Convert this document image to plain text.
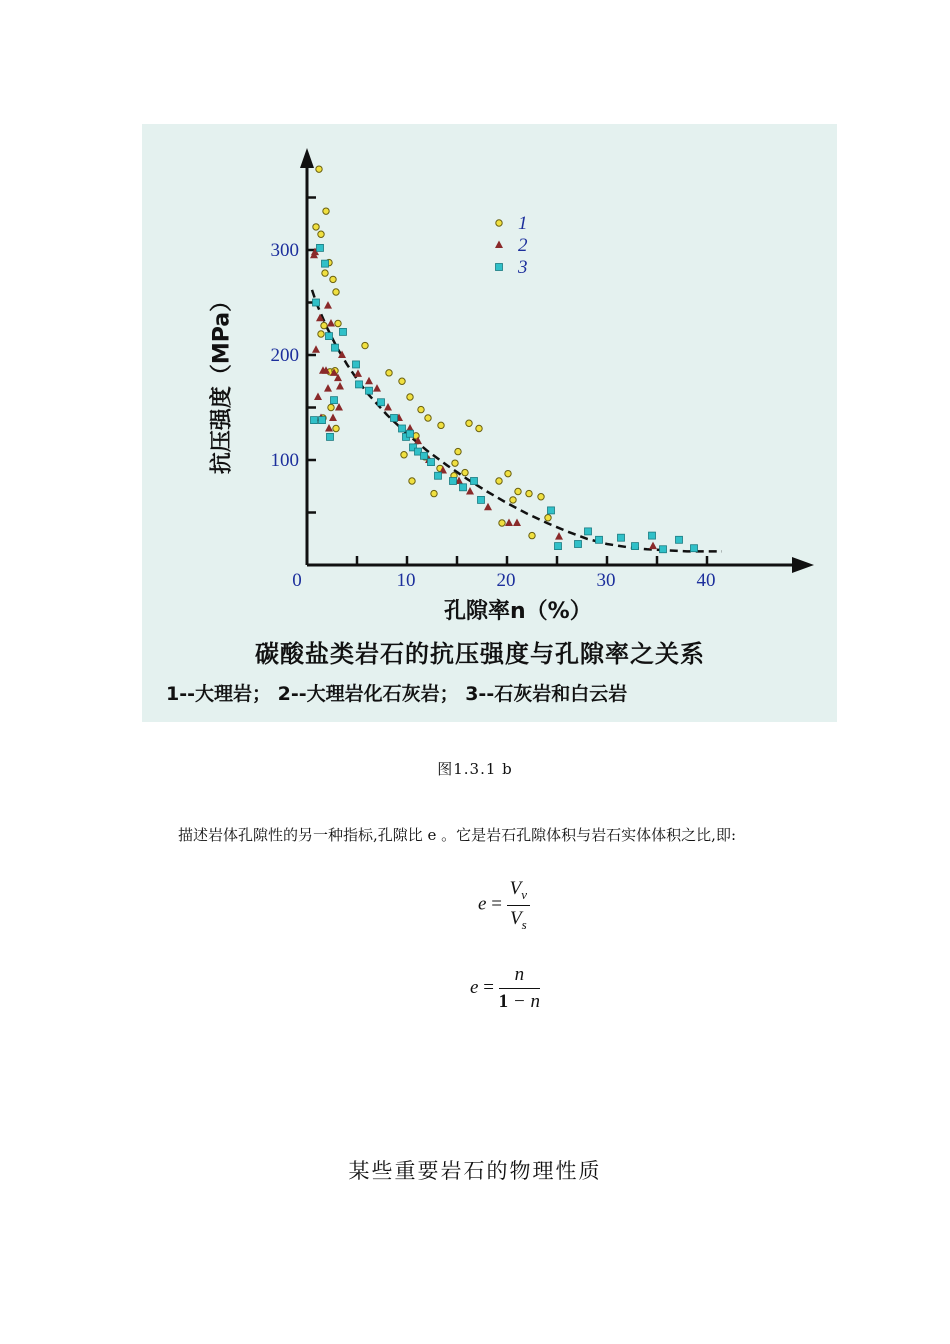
100
200
300
0	10	20	30	40
1
2
3
抗压强度（MPa）
孔隙率n（%）
碳酸盐类岩石的抗压强度与孔隙率之关系
1--大理岩； 2--大理岩化石灰岩； 3--石灰岩和白云岩
图1.3.1 b
描述岩体孔隙性的另一种指标,孔隙比 e 。它是岩石孔隙体积与岩石实体体积之比,即:
$e = \frac{V_v}{V_s}$
$e = \frac{n}{1 - n}$
某些重要岩石的物理性质
